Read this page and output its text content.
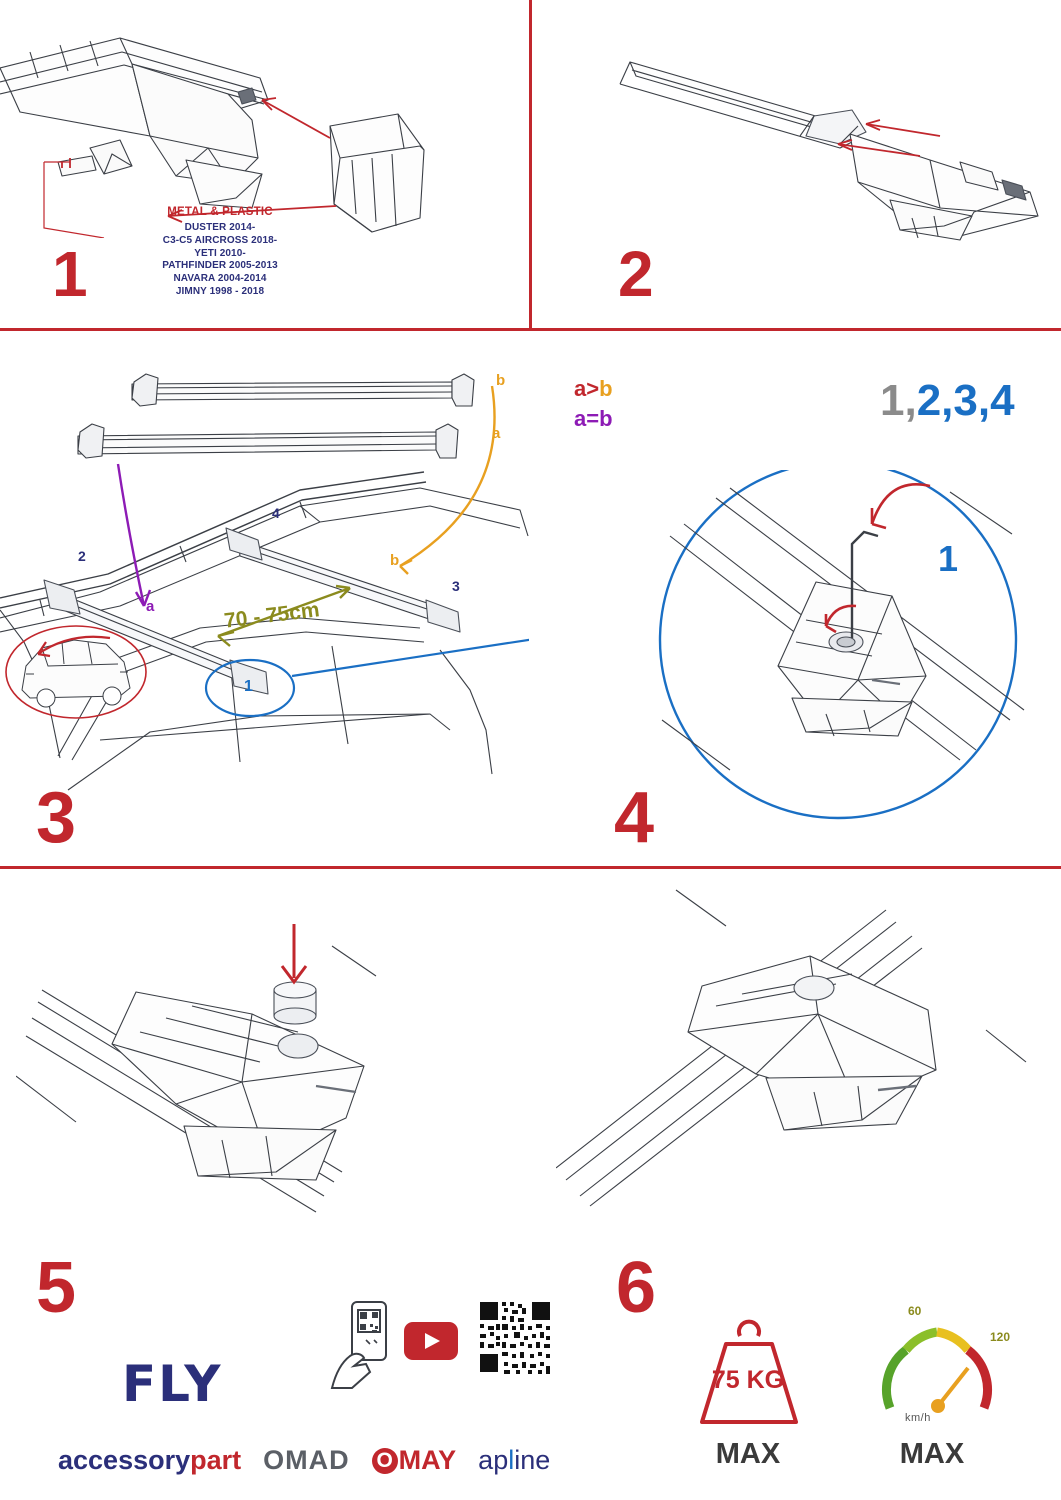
METAL & PLASTIC
DUSTER 2014-
C3-C5 AIRCROSS 2018-
YETI 2010-
PATHFINDER 2005-2013
NAVARA 2004-2014
JIMNY 1998 - 2018
1	2
a>b
a=b
b
a
a
b
70 - 75cm
2
4
3
1
3
1,2,3,4
1
4
5	6
FLY
accessorypart OMAD O MAY apline
75 KG
MAX
60
120
km/h
MAX
